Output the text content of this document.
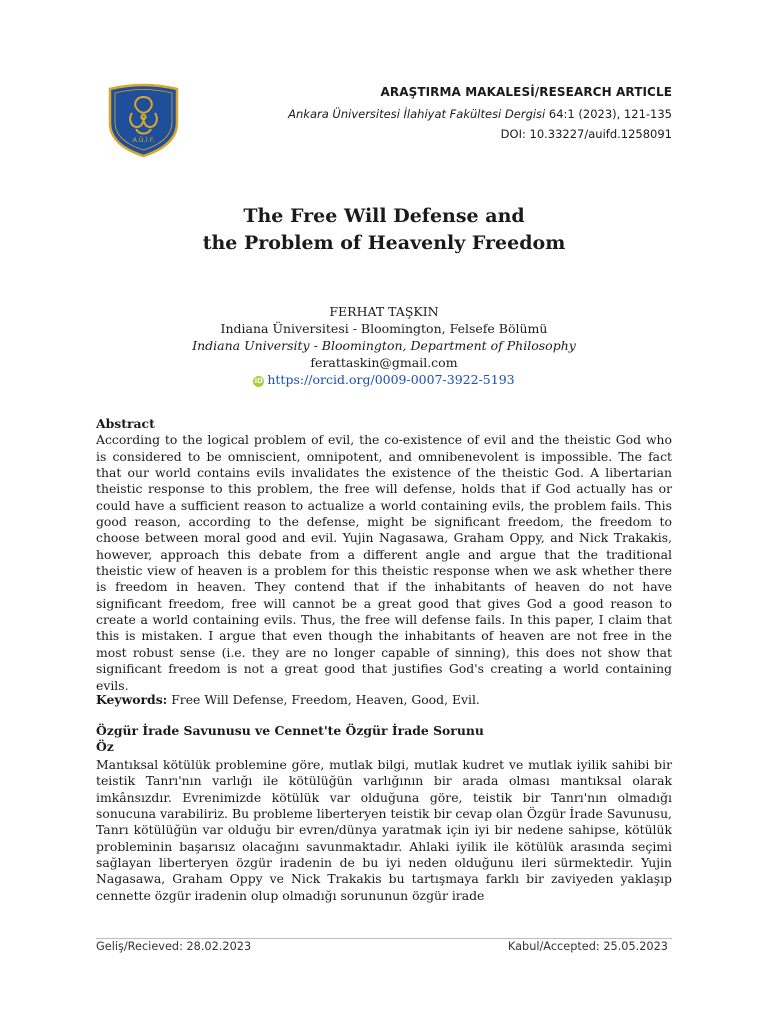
A.Ü.İ.F.
ARAŞTIRMA MAKALESİ/RESEARCH ARTICLE
Ankara Üniversitesi İlahiyat Fakültesi Dergisi 64:1 (2023), 121-135
DOI: 10.33227/auifd.1258091
The Free Will Defense and
the Problem of Heavenly Freedom
FERHAT TAŞKIN
Indiana Üniversitesi - Bloomington, Felsefe Bölümü
Indiana University - Bloomington, Department of Philosophy
ferattaskin@gmail.com
iD https://orcid.org/0009-0007-3922-5193
Abstract
According to the logical problem of evil, the co-existence of evil and the theistic God who is considered to be omniscient, omnipotent, and omnibenevolent is impossible. The fact that our world contains evils invalidates the existence of the theistic God. A libertarian theistic response to this problem, the free will defense, holds that if God actually has or could have a sufficient reason to actualize a world containing evils, the problem fails. This good reason, according to the defense, might be significant freedom, the freedom to choose between moral good and evil. Yujin Nagasawa, Graham Oppy, and Nick Trakakis, however, approach this debate from a different angle and argue that the traditional theistic view of heaven is a problem for this theistic response when we ask whether there is freedom in heaven. They contend that if the inhabitants of heaven do not have significant freedom, free will cannot be a great good that gives God a good reason to create a world containing evils. Thus, the free will defense fails. In this paper, I claim that this is mistaken. I argue that even though the inhabitants of heaven are not free in the most robust sense (i.e. they are no longer capable of sinning), this does not show that significant freedom is not a great good that justifies God's creating a world containing evils.
Keywords: Free Will Defense, Freedom, Heaven, Good, Evil.
Özgür İrade Savunusu ve Cennet'te Özgür İrade Sorunu
Öz
Mantıksal kötülük problemine göre, mutlak bilgi, mutlak kudret ve mutlak iyilik sahibi bir teistik Tanrı'nın varlığı ile kötülüğün varlığının bir arada olması mantıksal olarak imkânsızdır. Evrenimizde kötülük var olduğuna göre, teistik bir Tanrı'nın olmadığı sonucuna varabiliriz. Bu probleme liberteryen teistik bir cevap olan Özgür İrade Savunusu, Tanrı kötülüğün var olduğu bir evren/dünya yaratmak için iyi bir nedene sahipse, kötülük probleminin başarısız olacağını savunmaktadır. Ahlaki iyilik ile kötülük arasında seçimi sağlayan liberteryen özgür iradenin de bu iyi neden olduğunu ileri sürmektedir. Yujin Nagasawa, Graham Oppy ve Nick Trakakis bu tartışmaya farklı bir zaviyeden yaklaşıp cennette özgür iradenin olup olmadığı sorununun özgür irade
Geliş/Recieved: 28.02.2023	Kabul/Accepted: 25.05.2023
